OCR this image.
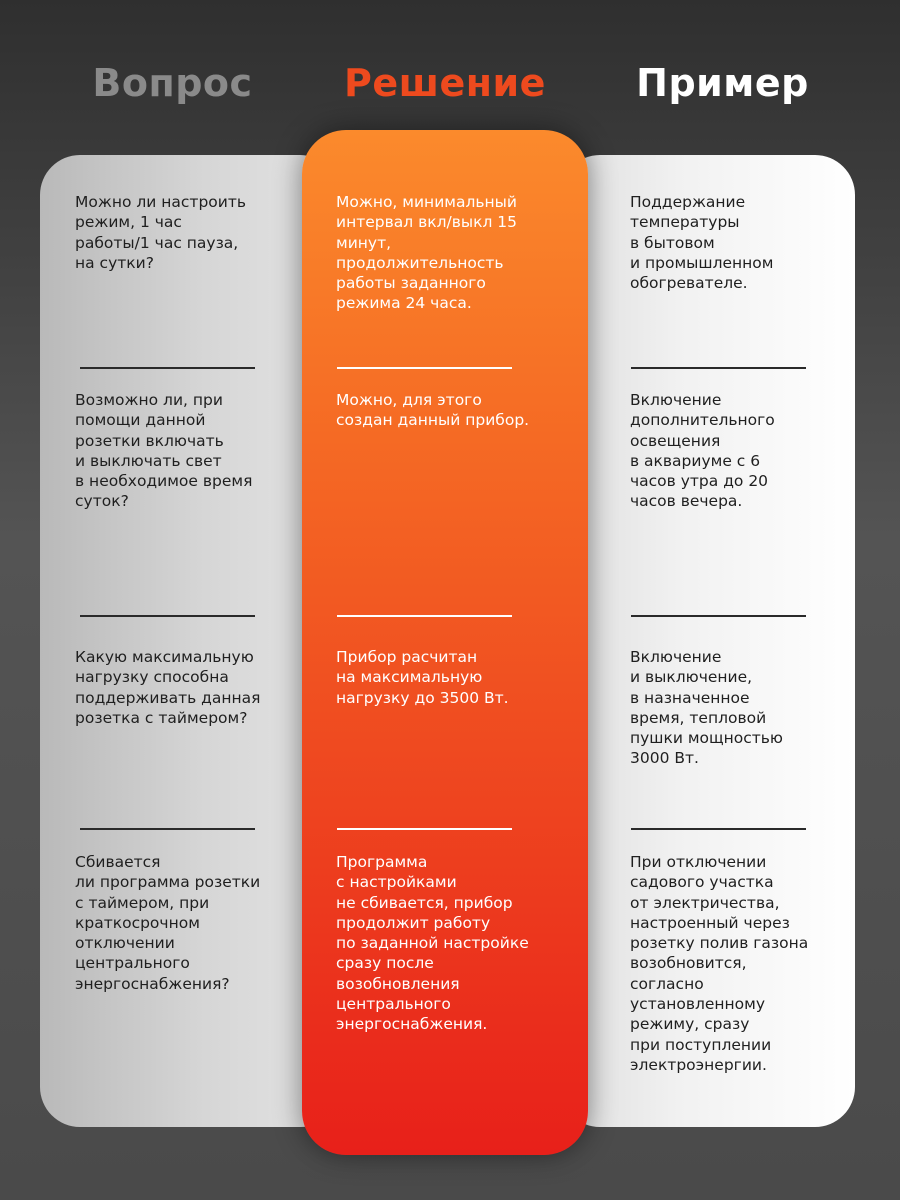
Вопрос	Решение	Пример
Можно ли настроить
режим, 1 час
работы/1 час пауза,
на сутки?
Можно, минимальный
интервал вкл/выкл 15
минут,
продолжительность
работы заданного
режима 24 часа.
Поддержание
температуры
в бытовом
и промышленном
обогревателе.
Возможно ли, при
помощи данной
розетки включать
и выключать свет
в необходимое время
суток?
Можно, для этого
создан данный прибор.
Включение
дополнительного
освещения
в аквариуме с 6
часов утра до 20
часов вечера.
Какую максимальную
нагрузку способна
поддерживать данная
розетка с таймером?
Прибор расчитан
на максимальную
нагрузку до 3500 Вт.
Включение
и выключение,
в назначенное
время, тепловой
пушки мощностью
3000 Вт.
Сбивается
ли программа розетки
с таймером, при
краткосрочном
отключении
центрального
энергоснабжения?
Программа
с настройками
не сбивается, прибор
продолжит работу
по заданной настройке
сразу после
возобновления
центрального
энергоснабжения.
При отключении
садового участка
от электричества,
настроенный через
розетку полив газона
возобновится,
согласно
установленному
режиму, сразу
при поступлении
электроэнергии.
